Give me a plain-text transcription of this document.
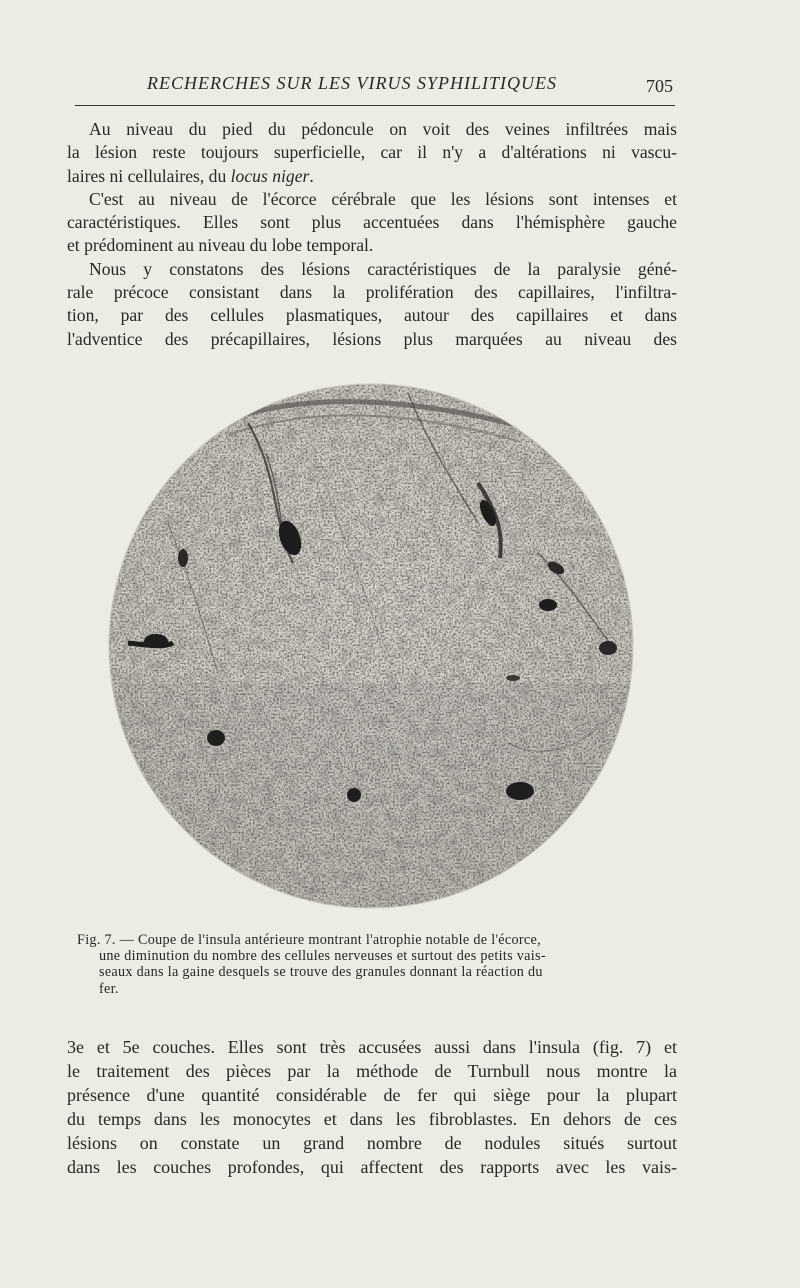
RECHERCHES SUR LES VIRUS SYPHILITIQUES	705

Au niveau du pied du pédoncule on voit des veines infiltrées mais

la lésion reste toujours superficielle, car il n'y a d'altérations ni vascu-

laires ni cellulaires, du locus niger.

C'est au niveau de l'écorce cérébrale que les lésions sont intenses et

caractéristiques. Elles sont plus accentuées dans l'hémisphère gauche

et prédominent au niveau du lobe temporal.

Nous y constatons des lésions caractéristiques de la paralysie géné-

rale précoce consistant dans la prolifération des capillaires, l'infiltra-

tion, par des cellules plasmatiques, autour des capillaires et dans

l'adventice des précapillaires, lésions plus marquées au niveau des

Fig. 7. — Coupe de l'insula antérieure montrant l'atrophie notable de l'écorce,

une diminution du nombre des cellules nerveuses et surtout des petits vais-

seaux dans la gaine desquels se trouve des granules donnant la réaction du

fer.

3e et 5e couches. Elles sont très accusées aussi dans l'insula (fig. 7) et

le traitement des pièces par la méthode de Turnbull nous montre la

présence d'une quantité considérable de fer qui siège pour la plupart

du temps dans les monocytes et dans les fibroblastes. En dehors de ces

lésions on constate un grand nombre de nodules situés surtout

dans les couches profondes, qui affectent des rapports avec les vais-
